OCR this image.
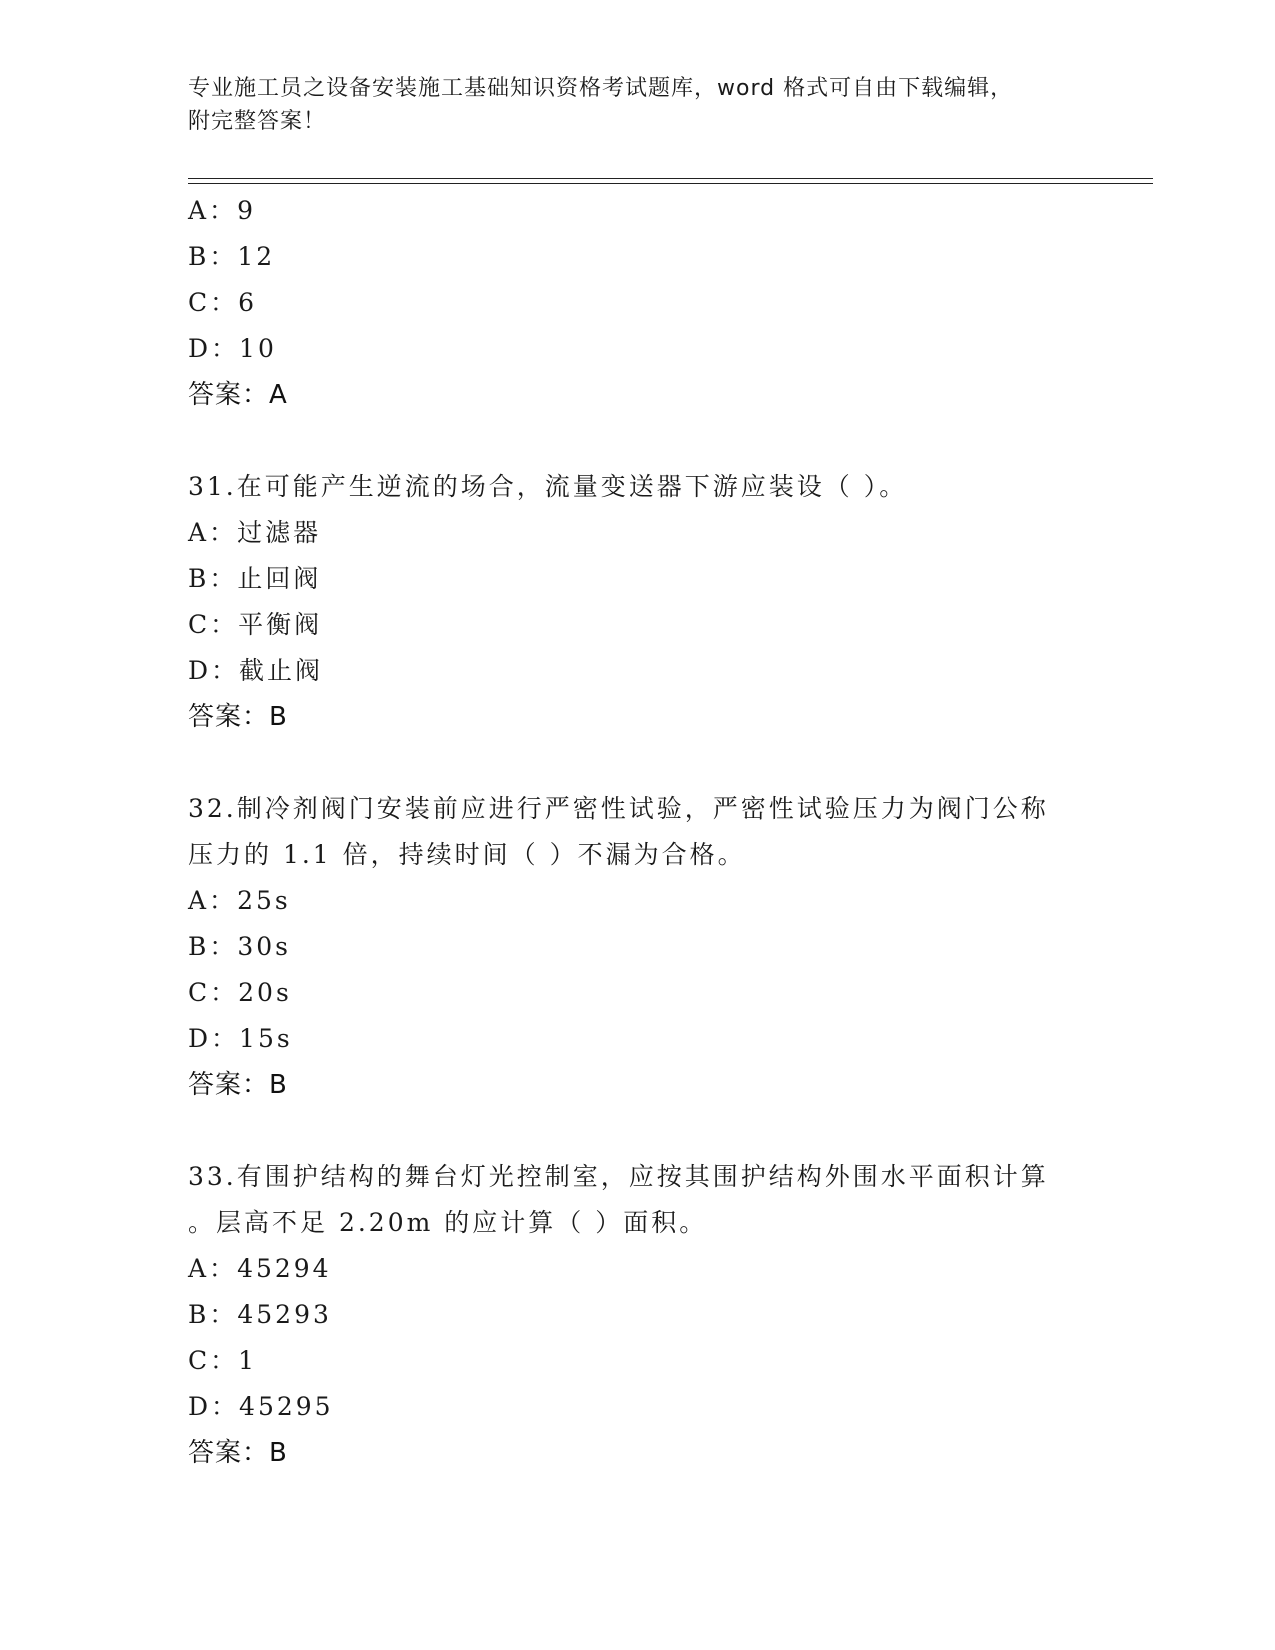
专业施工员之设备安装施工基础知识资格考试题库，word 格式可自由下载编辑，
附完整答案！
A：9
B：12
C：6
D：10
答案：A
31.在可能产生逆流的场合，流量变送器下游应装设（ ）。
A：过滤器
B：止回阀
C：平衡阀
D：截止阀
答案：B
32.制冷剂阀门安装前应进行严密性试验，严密性试验压力为阀门公称
压力的 1.1 倍，持续时间（ ）不漏为合格。
A：25s
B：30s
C：20s
D：15s
答案：B
33.有围护结构的舞台灯光控制室，应按其围护结构外围水平面积计算
。层高不足 2.20m 的应计算（ ）面积。
A：45294
B：45293
C：1
D：45295
答案：B
